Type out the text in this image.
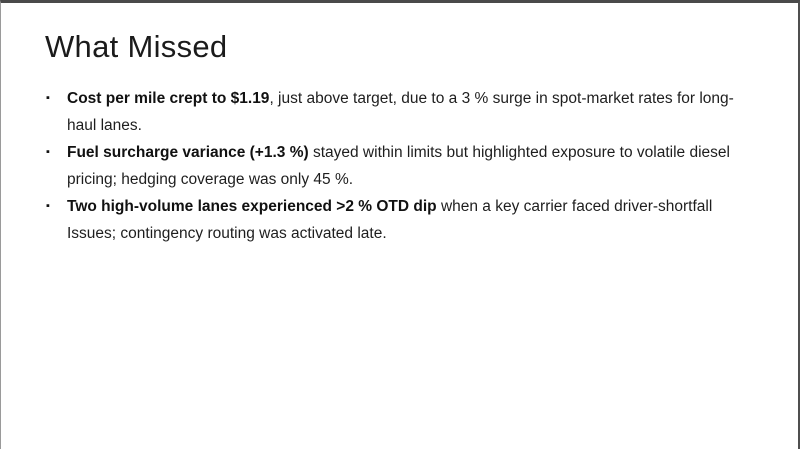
What Missed
▪	Cost per mile crept to $1.19, just above target, due to a 3 % surge in spot-market rates for long-haul lanes.

▪	Fuel surcharge variance (+1.3 %) stayed within limits but highlighted exposure to volatile diesel pricing; hedging coverage was only 45 %.

▪	Two high-volume lanes experienced >2 % OTD dip when a key carrier faced driver-shortfall Issues; contingency routing was activated late.
